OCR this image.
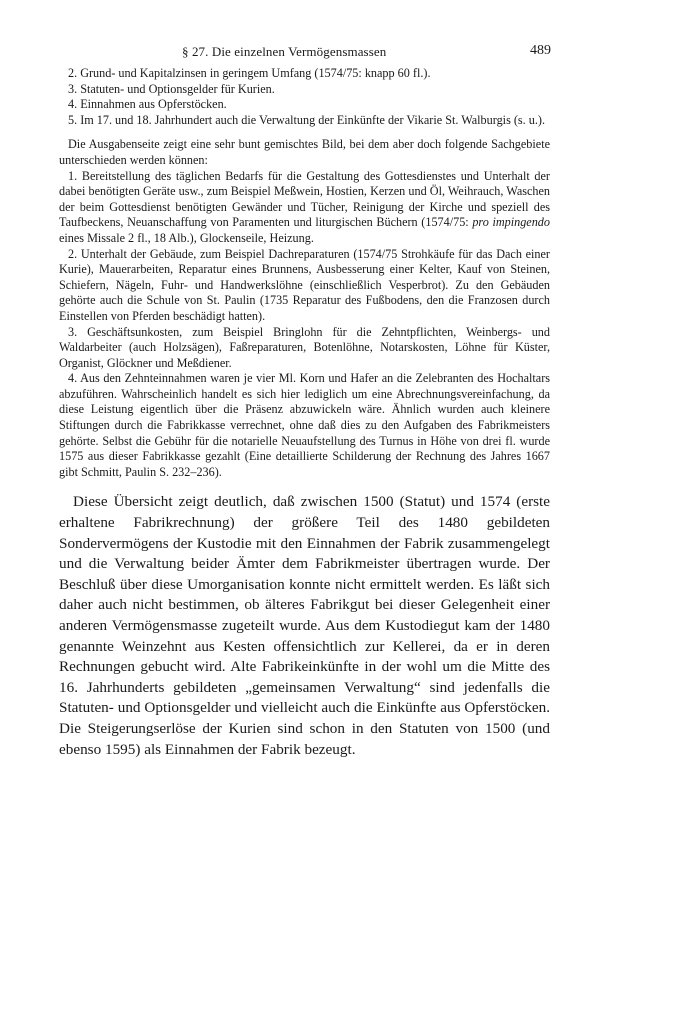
§ 27. Die einzelnen Vermögensmassen	489

2. Grund- und Kapitalzinsen in geringem Umfang (1574/75: knapp 60 fl.).

3. Statuten- und Optionsgelder für Kurien.

4. Einnahmen aus Opferstöcken.

5. Im 17. und 18. Jahrhundert auch die Verwaltung der Einkünfte der Vikarie St. Walburgis (s. u.).

Die Ausgabenseite zeigt eine sehr bunt gemischtes Bild, bei dem aber doch folgende Sachgebiete unterschieden werden können:

1. Bereitstellung des täglichen Bedarfs für die Gestaltung des Gottesdienstes und Unterhalt der dabei benötigten Geräte usw., zum Beispiel Meßwein, Hostien, Kerzen und Öl, Weihrauch, Waschen der beim Gottesdienst benötigten Gewänder und Tücher, Reinigung der Kirche und speziell des Taufbeckens, Neuanschaffung von Paramenten und liturgischen Büchern (1574/75: pro impingendo eines Missale 2 fl., 18 Alb.), Glockenseile, Heizung.

2. Unterhalt der Gebäude, zum Beispiel Dachreparaturen (1574/75 Strohkäufe für das Dach einer Kurie), Mauerarbeiten, Reparatur eines Brunnens, Ausbesserung einer Kelter, Kauf von Steinen, Schiefern, Nägeln, Fuhr- und Handwerkslöhne (einschließlich Vesperbrot). Zu den Gebäuden gehörte auch die Schule von St. Paulin (1735 Reparatur des Fußbodens, den die Franzosen durch Einstellen von Pferden beschädigt hatten).

3. Geschäftsunkosten, zum Beispiel Bringlohn für die Zehntpflichten, Weinbergs- und Waldarbeiter (auch Holzsägen), Faßreparaturen, Botenlöhne, Notarskosten, Löhne für Küster, Organist, Glöckner und Meßdiener.

4. Aus den Zehnteinnahmen waren je vier Ml. Korn und Hafer an die Zelebranten des Hochaltars abzuführen. Wahrscheinlich handelt es sich hier lediglich um eine Abrechnungsvereinfachung, da diese Leistung eigentlich über die Präsenz abzuwickeln wäre. Ähnlich wurden auch kleinere Stiftungen durch die Fabrikkasse verrechnet, ohne daß dies zu den Aufgaben des Fabrikmeisters gehörte. Selbst die Gebühr für die notarielle Neuaufstellung des Turnus in Höhe von drei fl. wurde 1575 aus dieser Fabrikkasse gezahlt (Eine detaillierte Schilderung der Rechnung des Jahres 1667 gibt Schmitt, Paulin S. 232–236).

Diese Übersicht zeigt deutlich, daß zwischen 1500 (Statut) und 1574 (erste erhaltene Fabrikrechnung) der größere Teil des 1480 gebildeten Sondervermögens der Kustodie mit den Einnahmen der Fabrik zusammengelegt und die Verwaltung beider Ämter dem Fabrikmeister übertragen wurde. Der Beschluß über diese Umorganisation konnte nicht ermittelt werden. Es läßt sich daher auch nicht bestimmen, ob älteres Fabrikgut bei dieser Gelegenheit einer anderen Vermögensmasse zugeteilt wurde. Aus dem Kustodiegut kam der 1480 genannte Weinzehnt aus Kesten offensichtlich zur Kellerei, da er in deren Rechnungen gebucht wird. Alte Fabrikeinkünfte in der wohl um die Mitte des 16. Jahrhunderts gebildeten „gemeinsamen Verwaltung“ sind jedenfalls die Statuten- und Optionsgelder und vielleicht auch die Einkünfte aus Opferstöcken. Die Steigerungserlöse der Kurien sind schon in den Statuten von 1500 (und ebenso 1595) als Einnahmen der Fabrik bezeugt.
